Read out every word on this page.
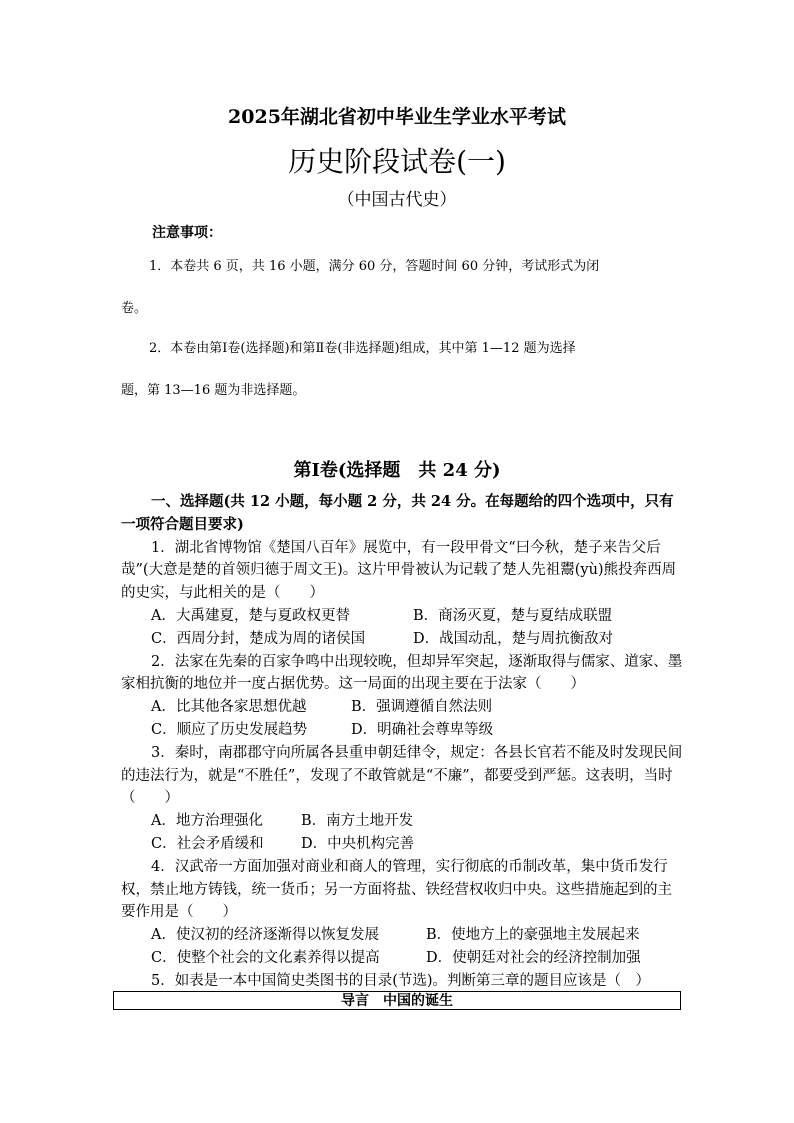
2025年湖北省初中毕业生学业水平考试
历史阶段试卷(一)
（中国古代史）
注意事项：
1．本卷共 6 页，共 16 小题，满分 60 分，答题时间 60 分钟，考试形式为闭
卷。
2．本卷由第Ⅰ卷(选择题)和第Ⅱ卷(非选择题)组成，其中第 1—12 题为选择
题，第 13—16 题为非选择题。
第Ⅰ卷(选择题　共 24 分)

一、选择题(共 12 小题，每小题 2 分，共 24 分。在每题给的四个选项中，只有一项符合题目要求)

1．湖北省博物馆《楚国八百年》展览中，有一段甲骨文“曰今秋，楚子来告父后哉”(大意是楚的首领归德于周文王)。这片甲骨被认为记载了楚人先祖鬻(yù)熊投奔西周的史实，与此相关的是（　　）

A．大禹建夏，楚与夏政权更替	B．商汤灭夏，楚与夏结成联盟

C．西周分封，楚成为周的诸侯国	D．战国动乱，楚与周抗衡敌对

2．法家在先秦的百家争鸣中出现较晚，但却异军突起，逐渐取得与儒家、道家、墨家相抗衡的地位并一度占据优势。这一局面的出现主要在于法家（　　）

A．比其他各家思想优越	B．强调遵循自然法则

C．顺应了历史发展趋势	D．明确社会尊卑等级

3．秦时，南郡郡守向所属各县重申朝廷律令，规定：各县长官若不能及时发现民间的违法行为，就是“不胜任”，发现了不敢管就是“不廉”，都要受到严惩。这表明，当时（　　）

A．地方治理强化	B．南方土地开发

C．社会矛盾缓和	D．中央机构完善

4．汉武帝一方面加强对商业和商人的管理，实行彻底的币制改革，集中货币发行权，禁止地方铸钱，统一货币；另一方面将盐、铁经营权收归中央。这些措施起到的主要作用是（　　）

A．使汉初的经济逐渐得以恢复发展	B．使地方上的豪强地主发展起来

C．使整个社会的文化素养得以提高	D．使朝廷对社会的经济控制加强

5．如表是一本中国简史类图书的目录(节选)。判断第三章的题目应该是（　）

导言　中国的诞生
